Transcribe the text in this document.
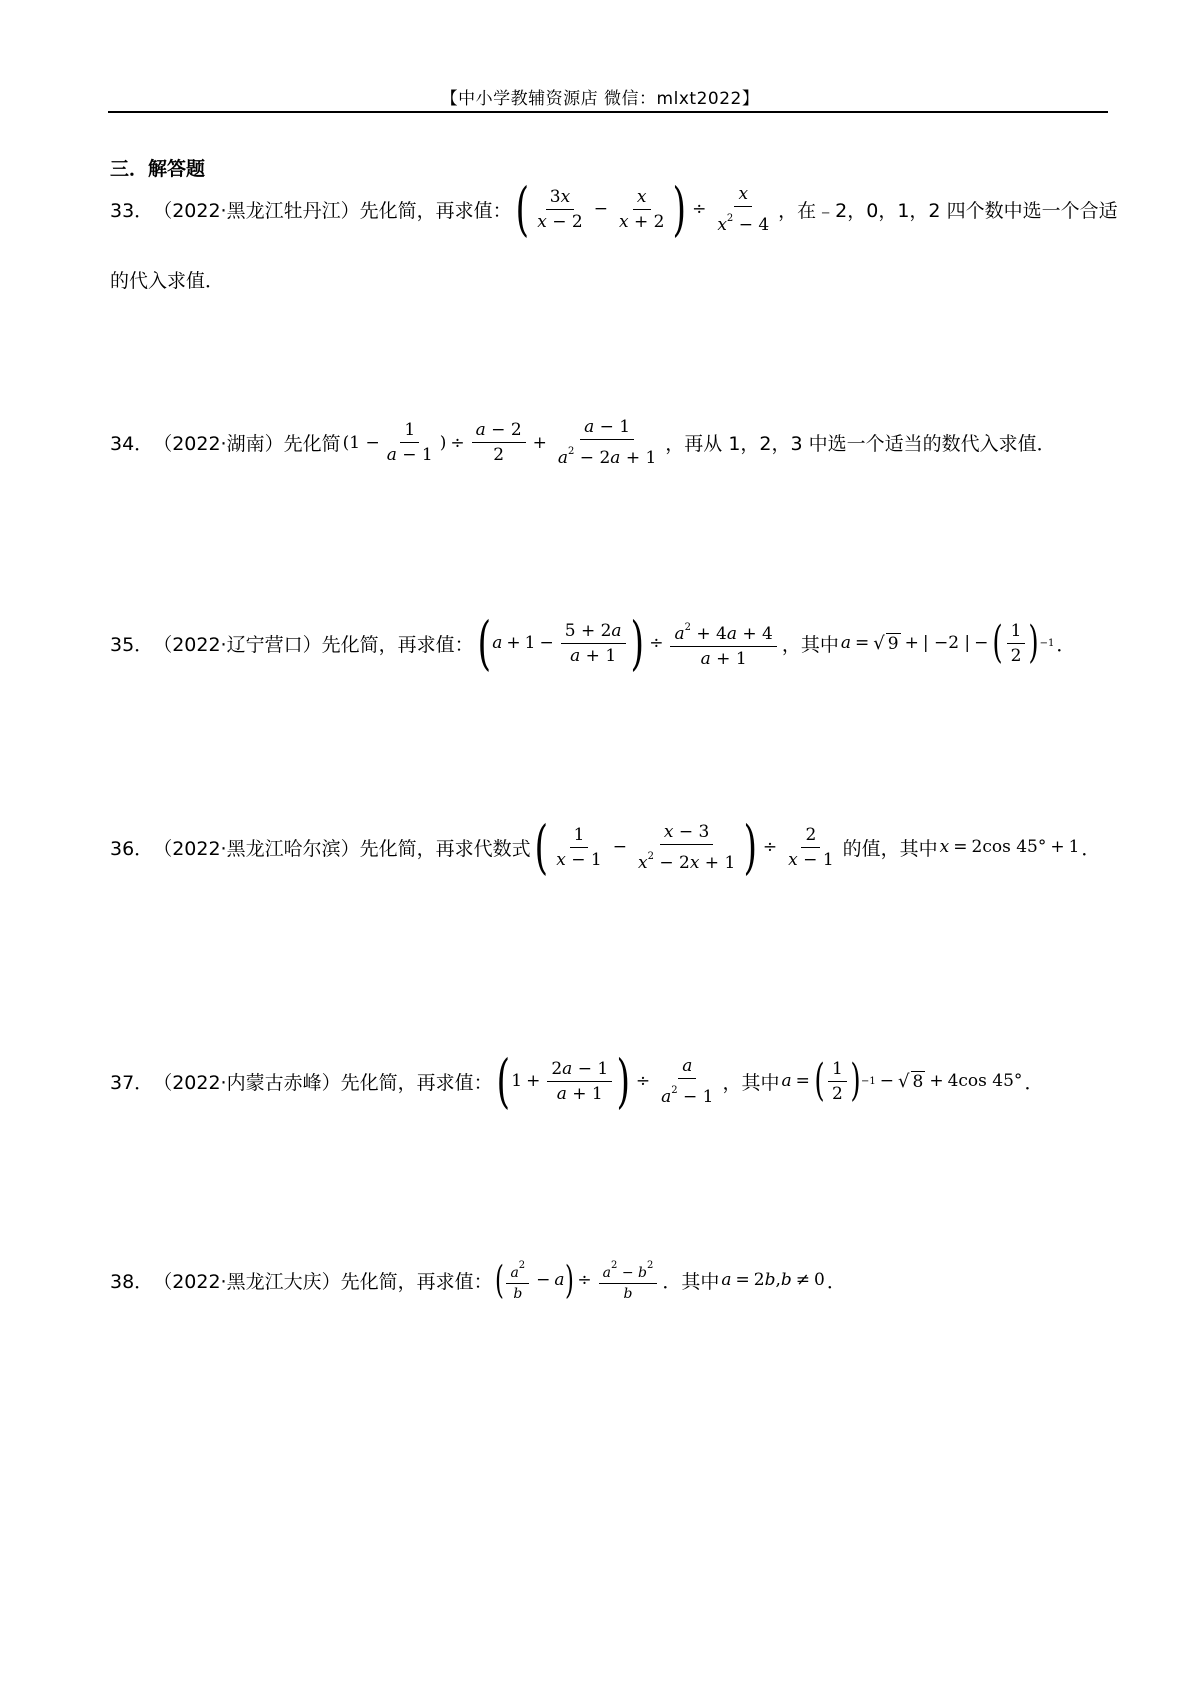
【中小学教辅资源店 微信：mlxt2022】
三．解答题
33． （2022·黑龙江牡丹江） 先化简，再求值： ( $\frac{3x}{x - 2} - \frac{x}{x + 2}$ ) ÷ $\frac{x}{x^2 - 4}$ ，在﹣2，0，1，2 四个数中选一个合适
的代入求值．
34． （2022·湖南） 先化简 ($1 - \frac{1}{a - 1}$ ) ÷ $\frac{a - 2}{2} + \frac{a - 1}{a^2 - 2a + 1}$ ，再从 1，2，3 中选一个适当的数代入求值．
35． （2022·辽宁营口） 先化简，再求值： ( $a + 1 - \frac{5 + 2a}{a + 1}$ ) ÷ $\frac{a^2 + 4a + 4}{a + 1}$ ，其中 a = √ 9 + | −2 | − ( $\frac{1}{2}$ ) −1 ．
36． （2022·黑龙江哈尔滨） 先化简，再求代数式 ( $\frac{1}{x - 1} - \frac{x - 3}{x^2 - 2x + 1}$ ) ÷ $\frac{2}{x - 1}$ 的值，其中 x = 2cos 45° + 1 ．
37． （2022·内蒙古赤峰） 先化简，再求值： ( $1 + \frac{2a - 1}{a + 1}$ ) ÷ $\frac{a}{a^2 - 1}$ ，其中 a = ( $\frac{1}{2}$ ) −1 − √ 8 + 4cos 45° ．
38． （2022·黑龙江大庆） 先化简，再求值： ( $\frac{a^2}{b} - a$ ) ÷ $\frac{a^2 - b^2}{b}$ ．其中 a = 2 b , b ≠ 0 ．
